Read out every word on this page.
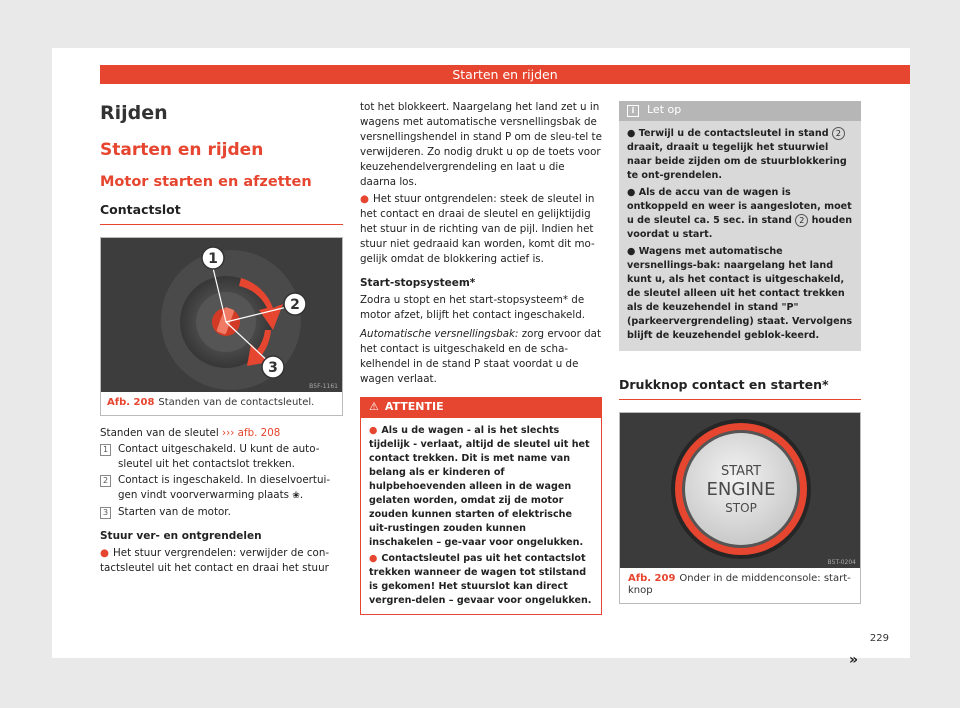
Starten en rijden
Rijden
Starten en rijden
Motor starten en afzetten
Contactslot
1
2
3
B5F-1161
Afb. 208 Standen van de contactsleutel.

Standen van de sleutel ››› afb. 208

1 Contact uitgeschakeld. U kunt de auto-sleutel uit het contactslot trekken.
2 Contact is ingeschakeld. In dieselvoertui-gen vindt voorverwarming plaats ❀.
3 Starten van de motor.
Stuur ver- en ontgrendelen

● Het stuur vergrendelen: verwijder de con-tactsleutel uit het contact en draai het stuur

tot het blokkeert. Naargelang het land zet u in wagens met automatische versnellingsbak de versnellingshendel in stand P om de sleu-tel te verwijderen. Zo nodig drukt u op de toets voor keuzehendelvergrendeling en laat u die daarna los.

● Het stuur ontgrendelen: steek de sleutel in het contact en draai de sleutel en gelijktijdig het stuur in de richting van de pijl. Indien het stuur niet gedraaid kan worden, komt dit mo-gelijk omdat de blokkering actief is.

Start-stopsysteem*

Zodra u stopt en het start-stopsysteem* de motor afzet, blijft het contact ingeschakeld.

Automatische versnellingsbak: zorg ervoor dat het contact is uitgeschakeld en de scha-kelhendel in de stand P staat voordat u de wagen verlaat.

⚠ ATTENTIE
● Als u de wagen - al is het slechts tijdelijk - verlaat, altijd de sleutel uit het contact trekken. Dit is met name van belang als er kinderen of hulpbehoevenden alleen in de wagen gelaten worden, omdat zij de motor zouden kunnen starten of elektrische uit-rustingen zouden kunnen inschakelen – ge-vaar voor ongelukken.
● Contactsleutel pas uit het contactslot trekken wanneer de wagen tot stilstand is gekomen! Het stuurslot kan direct vergren-delen – gevaar voor ongelukken.
i Let op
● Terwijl u de contactsleutel in stand 2 draait, draait u tegelijk het stuurwiel naar beide zijden om de stuurblokkering te ont-grendelen.
● Als de accu van de wagen is ontkoppeld en weer is aangesloten, moet u de sleutel ca. 5 sec. in stand 2 houden voordat u start.
● Wagens met automatische versnellings-bak: naargelang het land kunt u, als het contact is uitgeschakeld, de sleutel alleen uit het contact trekken als de keuzehendel in stand "P" (parkeervergrendeling) staat. Vervolgens blijft de keuzehendel geblok-keerd.
Drukknop contact en starten*
START
ENGINE
STOP
B5T-0204
Afb. 209 Onder in de middenconsole: start-knop
»
229
